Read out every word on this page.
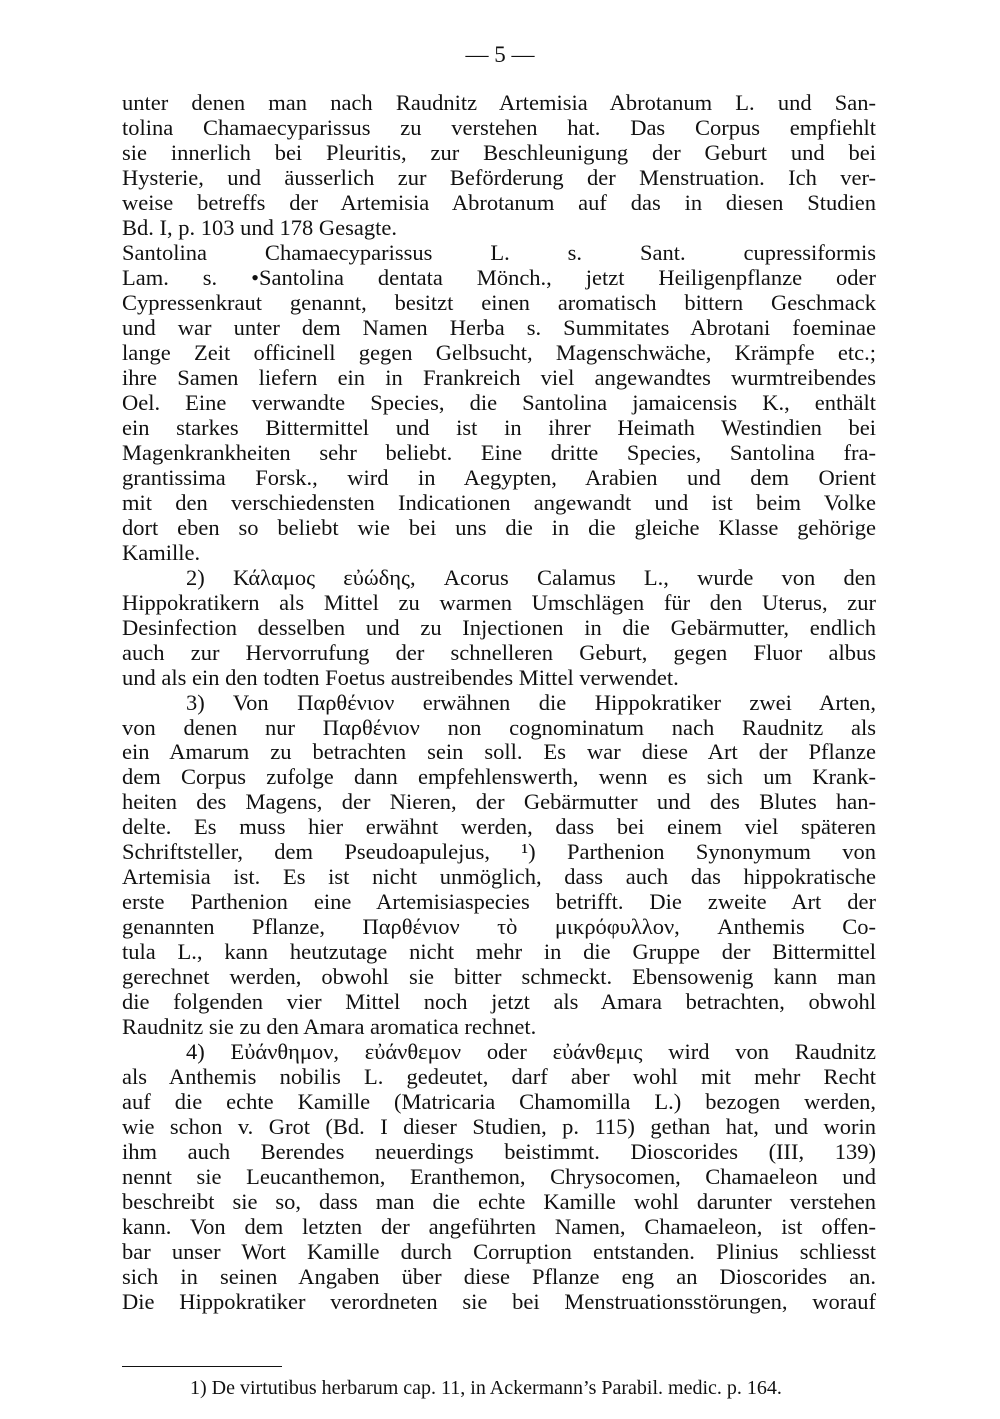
— 5 —
unter denen man nach Raudnitz Artemisia Abrotanum L. und San-
tolina Chamaecyparissus zu verstehen hat. Das Corpus empfiehlt
sie innerlich bei Pleuritis, zur Beschleunigung der Geburt und bei
Hysterie, und äusserlich zur Beförderung der Menstruation. Ich ver-
weise betreffs der Artemisia Abrotanum auf das in diesen Studien
Bd. I, p. 103 und 178 Gesagte.
Santolina Chamaecyparissus L. s. Sant. cupressiformis
Lam. s. •Santolina dentata Mönch., jetzt Heiligenpflanze oder
Cypressenkraut genannt, besitzt einen aromatisch bittern Geschmack
und war unter dem Namen Herba s. Summitates Abrotani foeminae
lange Zeit officinell gegen Gelbsucht, Magenschwäche, Krämpfe etc.;
ihre Samen liefern ein in Frankreich viel angewandtes wurmtreibendes
Oel. Eine verwandte Species, die Santolina jamaicensis K., enthält
ein starkes Bittermittel und ist in ihrer Heimath Westindien bei
Magenkrankheiten sehr beliebt. Eine dritte Species, Santolina fra-
grantissima Forsk., wird in Aegypten, Arabien und dem Orient
mit den verschiedensten Indicationen angewandt und ist beim Volke
dort eben so beliebt wie bei uns die in die gleiche Klasse gehörige
Kamille.
2) Κάλαμος εὐώδης, Acorus Calamus L., wurde von den
Hippokratikern als Mittel zu warmen Umschlägen für den Uterus, zur
Desinfection desselben und zu Injectionen in die Gebärmutter, endlich
auch zur Hervorrufung der schnelleren Geburt, gegen Fluor albus
und als ein den todten Foetus austreibendes Mittel verwendet.
3) Von Παρθένιον erwähnen die Hippokratiker zwei Arten,
von denen nur Παρθένιον non cognominatum nach Raudnitz als
ein Amarum zu betrachten sein soll. Es war diese Art der Pflanze
dem Corpus zufolge dann empfehlenswerth, wenn es sich um Krank-
heiten des Magens, der Nieren, der Gebärmutter und des Blutes han-
delte. Es muss hier erwähnt werden, dass bei einem viel späteren
Schriftsteller, dem Pseudoapulejus, ¹) Parthenion Synonymum von
Artemisia ist. Es ist nicht unmöglich, dass auch das hippokratische
erste Parthenion eine Artemisiaspecies betrifft. Die zweite Art der
genannten Pflanze, Παρθένιον τὸ μικρόφυλλον, Anthemis Co-
tula L., kann heutzutage nicht mehr in die Gruppe der Bittermittel
gerechnet werden, obwohl sie bitter schmeckt. Ebensowenig kann man
die folgenden vier Mittel noch jetzt als Amara betrachten, obwohl
Raudnitz sie zu den Amara aromatica rechnet.
4) Εὐάνθημον, εὐάνθεμον oder εὐάνθεμις wird von Raudnitz
als Anthemis nobilis L. gedeutet, darf aber wohl mit mehr Recht
auf die echte Kamille (Matricaria Chamomilla L.) bezogen werden,
wie schon v. Grot (Bd. I dieser Studien, p. 115) gethan hat, und worin
ihm auch Berendes neuerdings beistimmt. Dioscorides (III, 139)
nennt sie Leucanthemon, Eranthemon, Chrysocomen, Chamaeleon und
beschreibt sie so, dass man die echte Kamille wohl darunter verstehen
kann. Von dem letzten der angeführten Namen, Chamaeleon, ist offen-
bar unser Wort Kamille durch Corruption entstanden. Plinius schliesst
sich in seinen Angaben über diese Pflanze eng an Dioscorides an.
Die Hippokratiker verordneten sie bei Menstruationsstörungen, worauf
1) De virtutibus herbarum cap. 11, in Ackermann’s Parabil. medic. p. 164.
